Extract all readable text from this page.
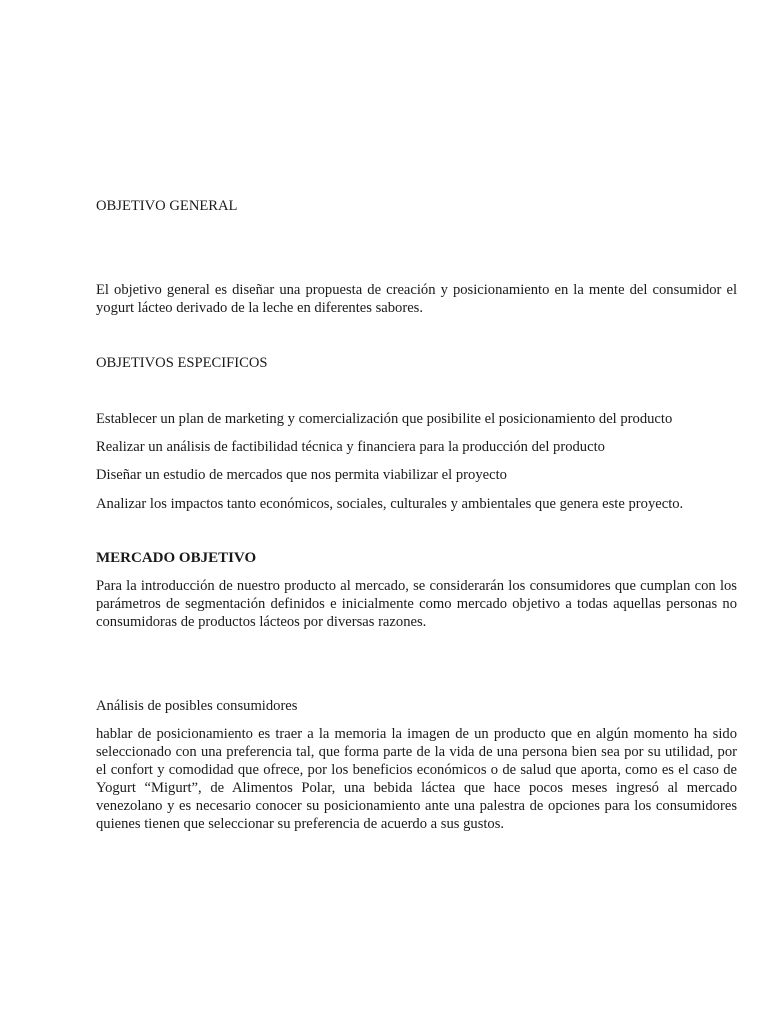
OBJETIVO GENERAL

El objetivo general es diseñar una propuesta de creación y posicionamiento en la mente del consumidor el yogurt lácteo derivado de la leche en diferentes sabores.

OBJETIVOS ESPECIFICOS

Establecer un plan de marketing y comercialización que posibilite el posicionamiento del producto

Realizar un análisis de factibilidad técnica y financiera para la producción del producto

Diseñar un estudio de mercados que nos permita viabilizar el proyecto

Analizar los impactos tanto económicos, sociales, culturales y ambientales que genera este proyecto.

MERCADO OBJETIVO

Para la introducción de nuestro producto al mercado, se considerarán los consumidores que cumplan con los parámetros de segmentación definidos e inicialmente como mercado objetivo a todas aquellas personas no consumidoras de productos lácteos por diversas razones.

Análisis de posibles consumidores

hablar de posicionamiento es traer a la memoria la imagen de un producto que en algún momento ha sido seleccionado con una preferencia tal, que forma parte de la vida de una persona bien sea por su utilidad, por el confort y comodidad que ofrece, por los beneficios económicos o de salud que aporta, como es el caso de Yogurt “Migurt”, de Alimentos Polar, una bebida láctea que hace pocos meses ingresó al mercado venezolano y es necesario conocer su posicionamiento ante una palestra de opciones para los consumidores quienes tienen que seleccionar su preferencia de acuerdo a sus gustos.
